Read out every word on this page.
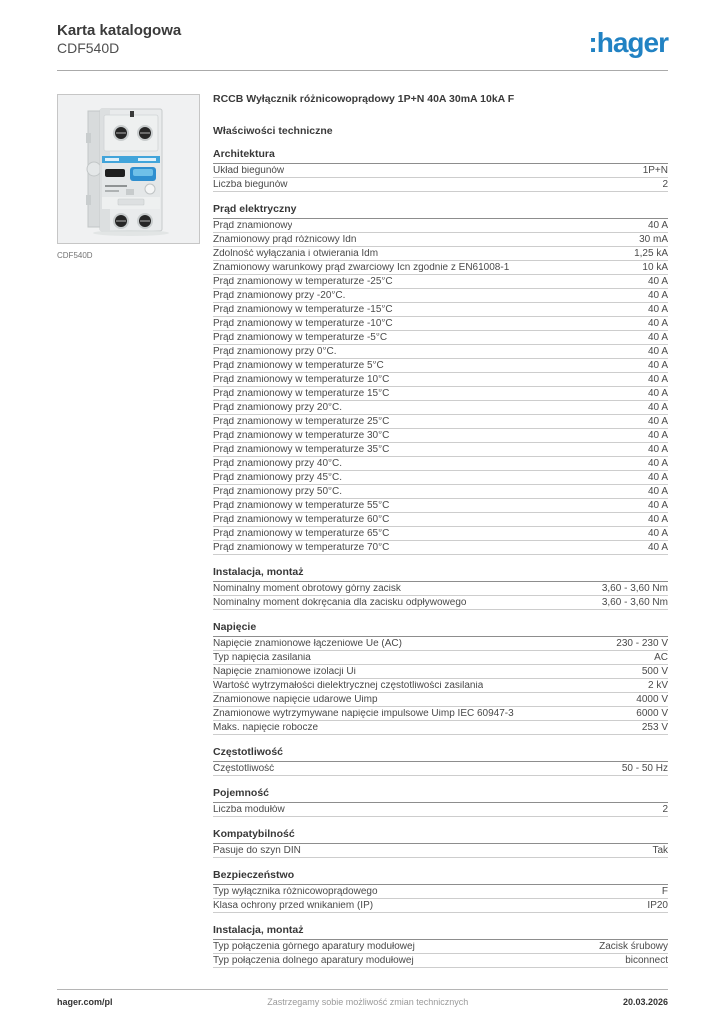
Karta katalogowa
CDF540D	:hager
CDF540D
RCCB Wyłącznik różnicowoprądowy 1P+N 40A 30mA 10kA F
Właściwości techniczne
Architektura
Układ biegunów	1P+N
Liczba biegunów	2
Prąd elektryczny
Prąd znamionowy	40 A
Znamionowy prąd różnicowy Idn	30 mA
Zdolność wyłączania i otwierania Idm	1,25 kA
Znamionowy warunkowy prąd zwarciowy Icn zgodnie z EN61008-1	10 kA
Prąd znamionowy w temperaturze -25°C	40 A
Prąd znamionowy przy -20°C.	40 A
Prąd znamionowy w temperaturze -15°C	40 A
Prąd znamionowy w temperaturze -10°C	40 A
Prąd znamionowy w temperaturze -5°C	40 A
Prąd znamionowy przy 0°C.	40 A
Prąd znamionowy w temperaturze 5°C	40 A
Prąd znamionowy w temperaturze 10°C	40 A
Prąd znamionowy w temperaturze 15°C	40 A
Prąd znamionowy przy 20°C.	40 A
Prąd znamionowy w temperaturze 25°C	40 A
Prąd znamionowy w temperaturze 30°C	40 A
Prąd znamionowy w temperaturze 35°C	40 A
Prąd znamionowy przy 40°C.	40 A
Prąd znamionowy przy 45°C.	40 A
Prąd znamionowy przy 50°C.	40 A
Prąd znamionowy w temperaturze 55°C	40 A
Prąd znamionowy w temperaturze 60°C	40 A
Prąd znamionowy w temperaturze 65°C	40 A
Prąd znamionowy w temperaturze 70°C	40 A
Instalacja, montaż
Nominalny moment obrotowy górny zacisk	3,60 - 3,60 Nm
Nominalny moment dokręcania dla zacisku odpływowego	3,60 - 3,60 Nm
Napięcie
Napięcie znamionowe łączeniowe Ue (AC)	230 - 230 V
Typ napięcia zasilania	AC
Napięcie znamionowe izolacji Ui	500 V
Wartość wytrzymałości dielektrycznej częstotliwości zasilania	2 kV
Znamionowe napięcie udarowe Uimp	4000 V
Znamionowe wytrzymywane napięcie impulsowe Uimp IEC 60947-3	6000 V
Maks. napięcie robocze	253 V
Częstotliwość
Częstotliwość	50 - 50 Hz
Pojemność
Liczba modułów	2
Kompatybilność
Pasuje do szyn DIN	Tak
Bezpieczeństwo
Typ wyłącznika różnicowoprądowego	F
Klasa ochrony przed wnikaniem (IP)	IP20
Instalacja, montaż
Typ połączenia górnego aparatury modułowej	Zacisk śrubowy
Typ połączenia dolnego aparatury modułowej	biconnect
hager.com/pl	Zastrzegamy sobie możliwość zmian technicznych	20.03.2026
